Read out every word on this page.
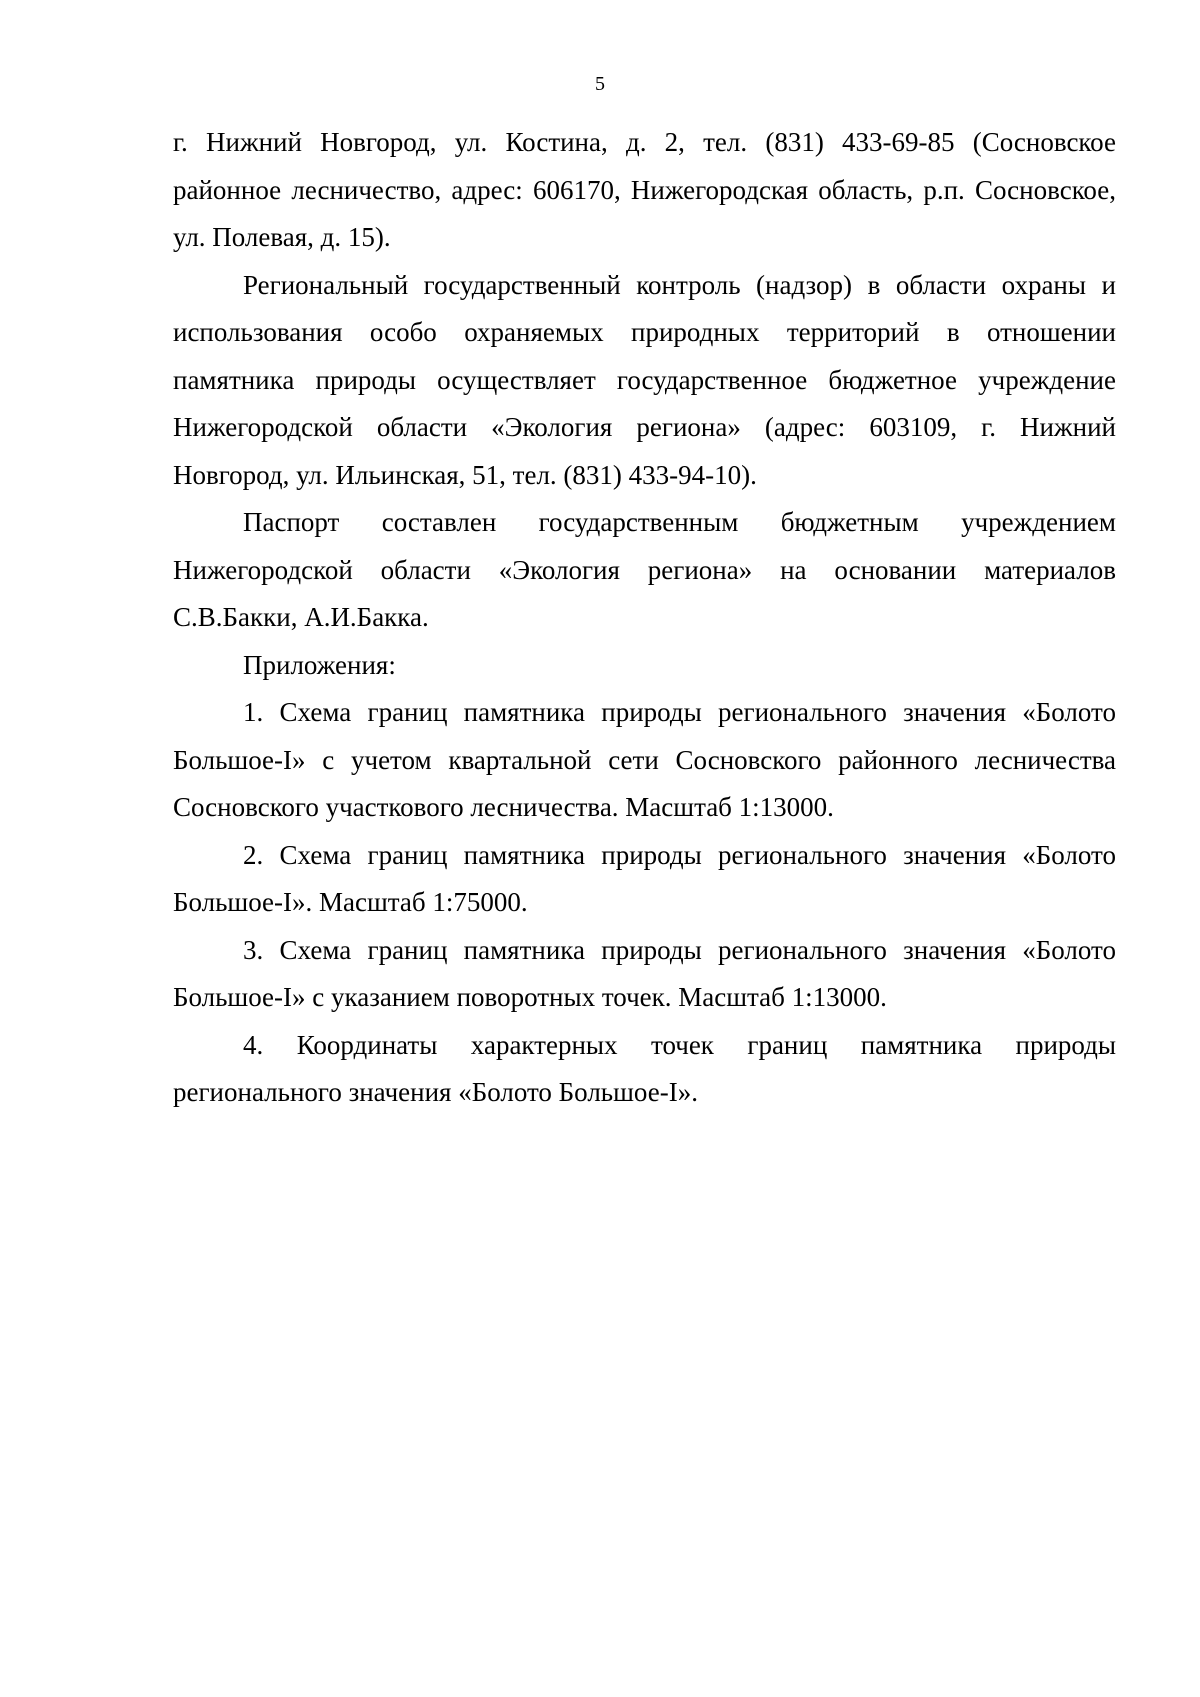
5

г. Нижний Новгород, ул. Костина, д. 2, тел. (831) 433-69-85 (Сосновское районное лесничество, адрес: 606170, Нижегородская область, р.п. Сосновское, ул. Полевая, д. 15).

Региональный государственный контроль (надзор) в области охраны и использования особо охраняемых природных территорий в отношении памятника природы осуществляет государственное бюджетное учреждение Нижегородской области «Экология региона» (адрес: 603109, г. Нижний Новгород, ул. Ильинская, 51, тел. (831) 433-94-10).

Паспорт составлен государственным бюджетным учреждением Нижегородской области «Экология региона» на основании материалов С.В.Бакки, А.И.Бакка.

Приложения:

1. Схема границ памятника природы регионального значения «Болото Большое-I» с учетом квартальной сети Сосновского районного лесничества Сосновского участкового лесничества. Масштаб 1:13000.

2. Схема границ памятника природы регионального значения «Болото Большое-I». Масштаб 1:75000.

3. Схема границ памятника природы регионального значения «Болото Большое-I» с указанием поворотных точек. Масштаб 1:13000.

4. Координаты характерных точек границ памятника природы регионального значения «Болото Большое-I».
